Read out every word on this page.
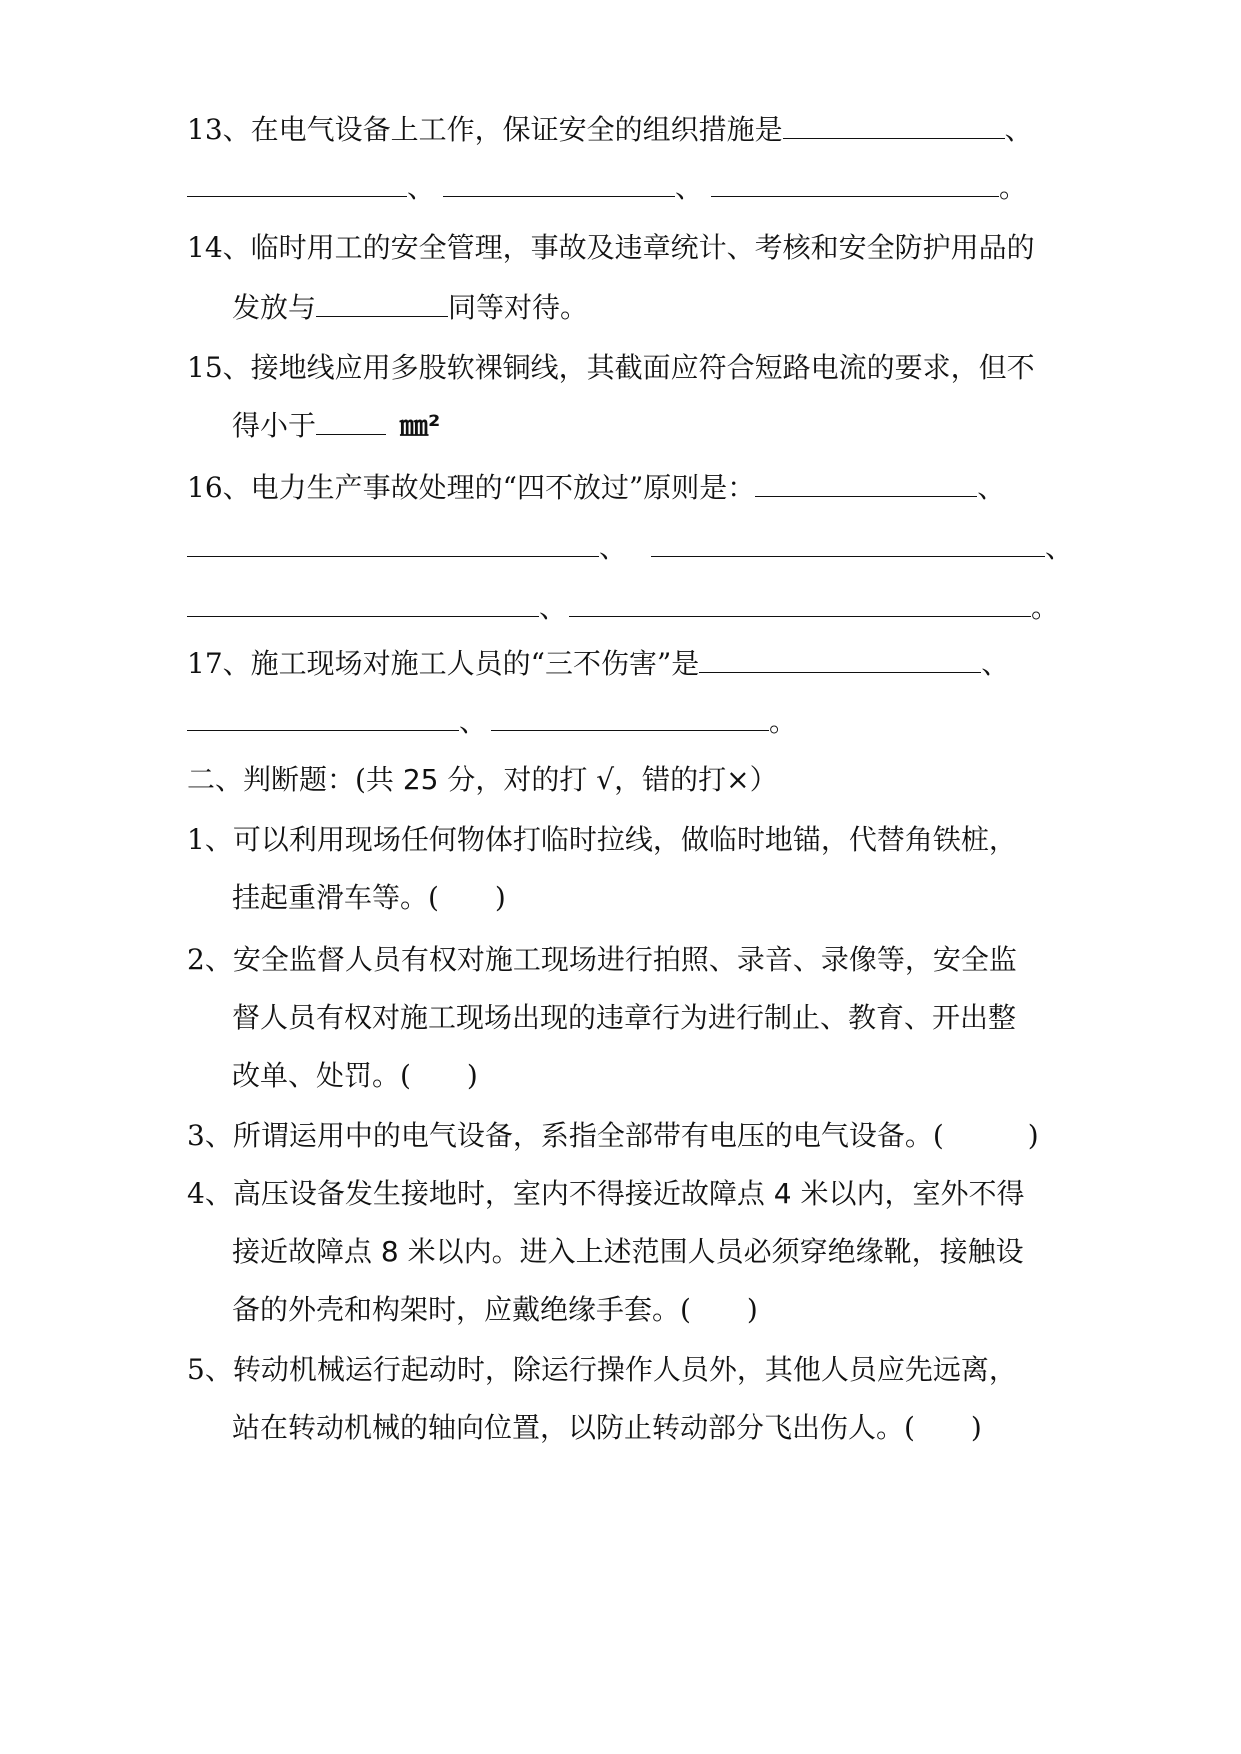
13、在电气设备上工作，保证安全的组织措施是	、
、	、	。
14、临时用工的安全管理，事故及违章统计、考核和安全防护用品的
发放与	同等对待。
15、接地线应用多股软裸铜线，其截面应符合短路电流的要求，但不
得小于	㎜²
16、电力生产事故处理的“四不放过”原则是：	、
、	、
、	。
17、施工现场对施工人员的“三不伤害”是	、
、	。
二、判断题：(共 25 分，对的打 √，错的打×）
1、可以利用现场任何物体打临时拉线，做临时地锚，代替角铁桩，
挂起重滑车等。(　　)
2、安全监督人员有权对施工现场进行拍照、录音、录像等，安全监
督人员有权对施工现场出现的违章行为进行制止、教育、开出整
改单、处罚。(　　)
3、所谓运用中的电气设备，系指全部带有电压的电气设备。(　　　)
4、高压设备发生接地时，室内不得接近故障点 4 米以内，室外不得
接近故障点 8 米以内。进入上述范围人员必须穿绝缘靴，接触设
备的外壳和构架时，应戴绝缘手套。(　　)
5、转动机械运行起动时，除运行操作人员外，其他人员应先远离，
站在转动机械的轴向位置，以防止转动部分飞出伤人。(　　)
